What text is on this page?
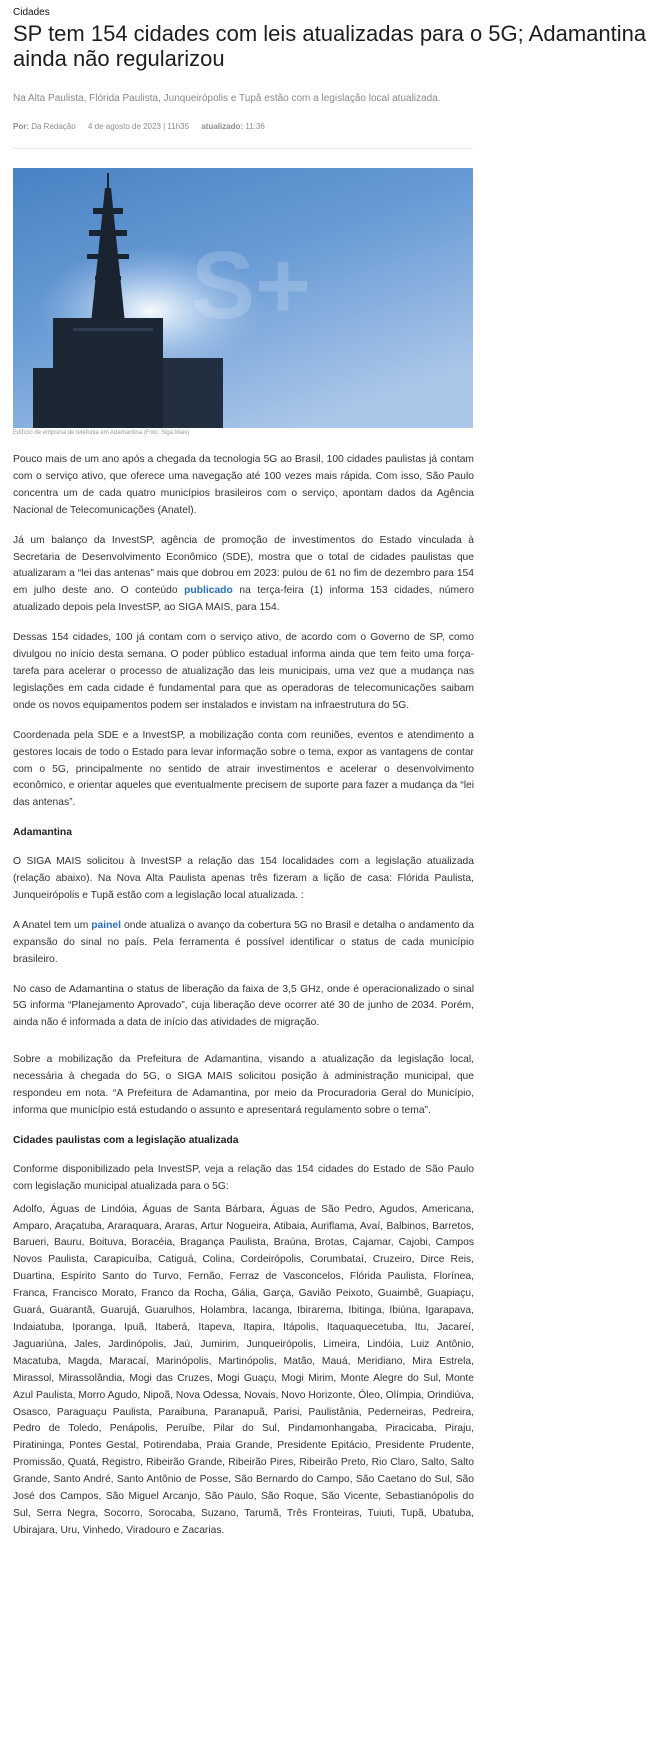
Cidades
SP tem 154 cidades com leis atualizadas para o 5G; Adamantina ainda não regularizou
Na Alta Paulista, Flórida Paulista, Junqueirópolis e Tupã estão com a legislação local atualizada.
Por: Da Redação 4 de agosto de 2023 | 11h35 atualizado: 11:36
S+
Edifício de empresa de telefonia em Adamantina (Foto: Siga Mais)

Pouco mais de um ano após a chegada da tecnologia 5G ao Brasil, 100 cidades paulistas já contam com o serviço ativo, que oferece uma navegação até 100 vezes mais rápida. Com isso, São Paulo concentra um de cada quatro municípios brasileiros com o serviço, apontam dados da Agência Nacional de Telecomunicações (Anatel).

Já um balanço da InvestSP, agência de promoção de investimentos do Estado vinculada à Secretaria de Desenvolvimento Econômico (SDE), mostra que o total de cidades paulistas que atualizaram a “lei das antenas” mais que dobrou em 2023: pulou de 61 no fim de dezembro para 154 em julho deste ano. O conteúdo publicado na terça-feira (1) informa 153 cidades, número atualizado depois pela InvestSP, ao SIGA MAIS, para 154.

Dessas 154 cidades, 100 já contam com o serviço ativo, de acordo com o Governo de SP, como divulgou no início desta semana. O poder público estadual informa ainda que tem feito uma força-tarefa para acelerar o processo de atualização das leis municipais, uma vez que a mudança nas legislações em cada cidade é fundamental para que as operadoras de telecomunicações saibam onde os novos equipamentos podem ser instalados e invistam na infraestrutura do 5G.

Coordenada pela SDE e a InvestSP, a mobilização conta com reuniões, eventos e atendimento a gestores locais de todo o Estado para levar informação sobre o tema, expor as vantagens de contar com o 5G, principalmente no sentido de atrair investimentos e acelerar o desenvolvimento econômico, e orientar aqueles que eventualmente precisem de suporte para fazer a mudança da “lei das antenas”.

Adamantina

O SIGA MAIS solicitou à InvestSP a relação das 154 localidades com a legislação atualizada (relação abaixo). Na Nova Alta Paulista apenas três fizeram a lição de casa: Flórida Paulista, Junqueirópolis e Tupã estão com a legislação local atualizada. :

A Anatel tem um painel onde atualiza o avanço da cobertura 5G no Brasil e detalha o andamento da expansão do sinal no país. Pela ferramenta é possível identificar o status de cada município brasileiro.

No caso de Adamantina o status de liberação da faixa de 3,5 GHz, onde é operacionalizado o sinal 5G informa “Planejamento Aprovado”, cuja liberação deve ocorrer até 30 de junho de 2034. Porém, ainda não é informada a data de início das atividades de migração.

Sobre a mobilização da Prefeitura de Adamantina, visando a atualização da legislação local, necessária à chegada do 5G, o SIGA MAIS solicitou posição à administração municipal, que respondeu em nota. “A Prefeitura de Adamantina, por meio da Procuradoria Geral do Município, informa que município está estudando o assunto e apresentará regulamento sobre o tema”.

Cidades paulistas com a legislação atualizada

Conforme disponibilizado pela InvestSP, veja a relação das 154 cidades do Estado de São Paulo com legislação municipal atualizada para o 5G:

Adolfo, Águas de Lindóia, Águas de Santa Bárbara, Águas de São Pedro, Agudos, Americana, Amparo, Araçatuba, Araraquara, Araras, Artur Nogueira, Atibaia, Auriflama, Avaí, Balbinos, Barretos, Barueri, Bauru, Boituva, Boracéia, Bragança Paulista, Braúna, Brotas, Cajamar, Cajobi, Campos Novos Paulista, Carapicuíba, Catiguá, Colina, Cordeirópolis, Corumbataí, Cruzeiro, Dirce Reis, Duartina, Espírito Santo do Turvo, Fernão, Ferraz de Vasconcelos, Flórida Paulista, Florínea, Franca, Francisco Morato, Franco da Rocha, Gália, Garça, Gavião Peixoto, Guaimbê, Guapiaçu, Guará, Guarantã, Guarujá, Guarulhos, Holambra, Iacanga, Ibirarema, Ibitinga, Ibiúna, Igarapava, Indaiatuba, Iporanga, Ipuã, Itaberá, Itapeva, Itapira, Itápolis, Itaquaquecetuba, Itu, Jacareí, Jaguariúna, Jales, Jardinópolis, Jaú, Jumirim, Junqueirópolis, Limeira, Lindóia, Luiz Antônio, Macatuba, Magda, Maracaí, Marinópolis, Martinópolis, Matão, Mauá, Meridiano, Mira Estrela, Mirassol, Mirassolândia, Mogi das Cruzes, Mogi Guaçu, Mogi Mirim, Monte Alegre do Sul, Monte Azul Paulista, Morro Agudo, Nipoã, Nova Odessa, Novais, Novo Horizonte, Óleo, Olímpia, Orindiúva, Osasco, Paraguaçu Paulista, Paraibuna, Paranapuã, Parisi, Paulistânia, Pederneiras, Pedreira, Pedro de Toledo, Penápolis, Peruíbe, Pilar do Sul, Pindamonhangaba, Piracicaba, Piraju, Piratininga, Pontes Gestal, Potirendaba, Praia Grande, Presidente Epitácio, Presidente Prudente, Promissão, Quatá, Registro, Ribeirão Grande, Ribeirão Pires, Ribeirão Preto, Rio Claro, Salto, Salto Grande, Santo André, Santo Antônio de Posse, São Bernardo do Campo, São Caetano do Sul, São José dos Campos, São Miguel Arcanjo, São Paulo, São Roque, São Vicente, Sebastianópolis do Sul, Serra Negra, Socorro, Sorocaba, Suzano, Tarumã, Três Fronteiras, Tuiuti, Tupã, Ubatuba, Ubirajara, Uru, Vinhedo, Viradouro e Zacarias.
